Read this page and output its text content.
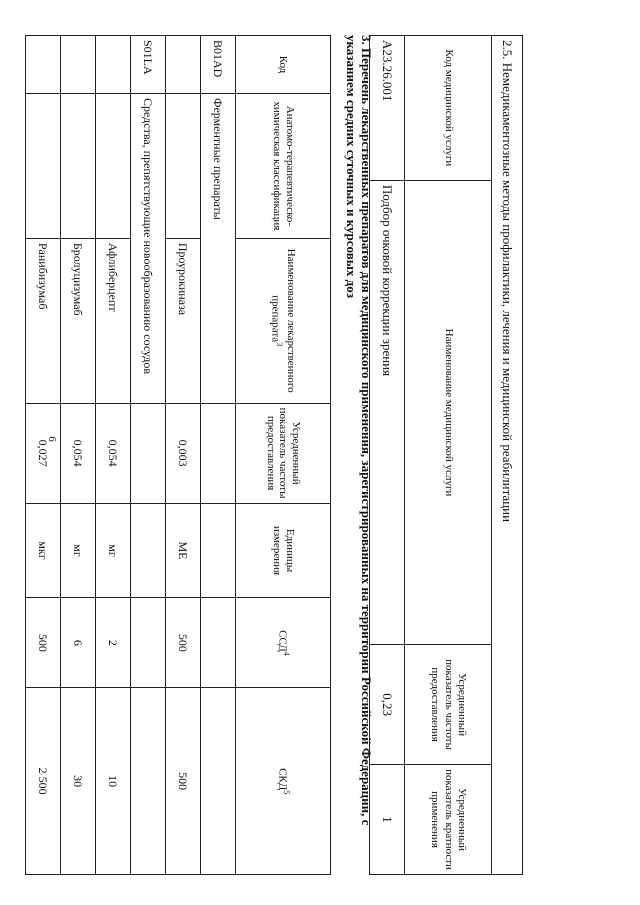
6	2.5. Немедикаментозные методы профилактики, лечения и медицинской реабилитации			
Код медицинской услуги	Наименование медицинской услуги	Усредненный показатель частоты предоставления	Усредненный показатель кратности применения
A23.26.001	Подбор очковой коррекции зрения	0,23	1
3. Перечень лекарственных препаратов для медицинского применения, зарегистрированных на территории Российской Федерации, с указанием средних суточных и курсовых доз
Код	Анатомо-терапевтическо-химическая классификация	Наименование лекарственного препарата$^3$	Усредненный показатель частоты предоставления	Единицы измерения	ССД$^4$	СКД$^5$
B01AD	Ферментные препараты					
		Проурокиназа	0,003	МЕ	500	500
S01LA	Средства, препятствующие новообразованию сосудов					
		Афлиберцепт	0,054	мг	2	10
		Бролуцизумаб	0,054	мг	6	30
		Ранибизумаб	0,027	мкг	500	2 500
